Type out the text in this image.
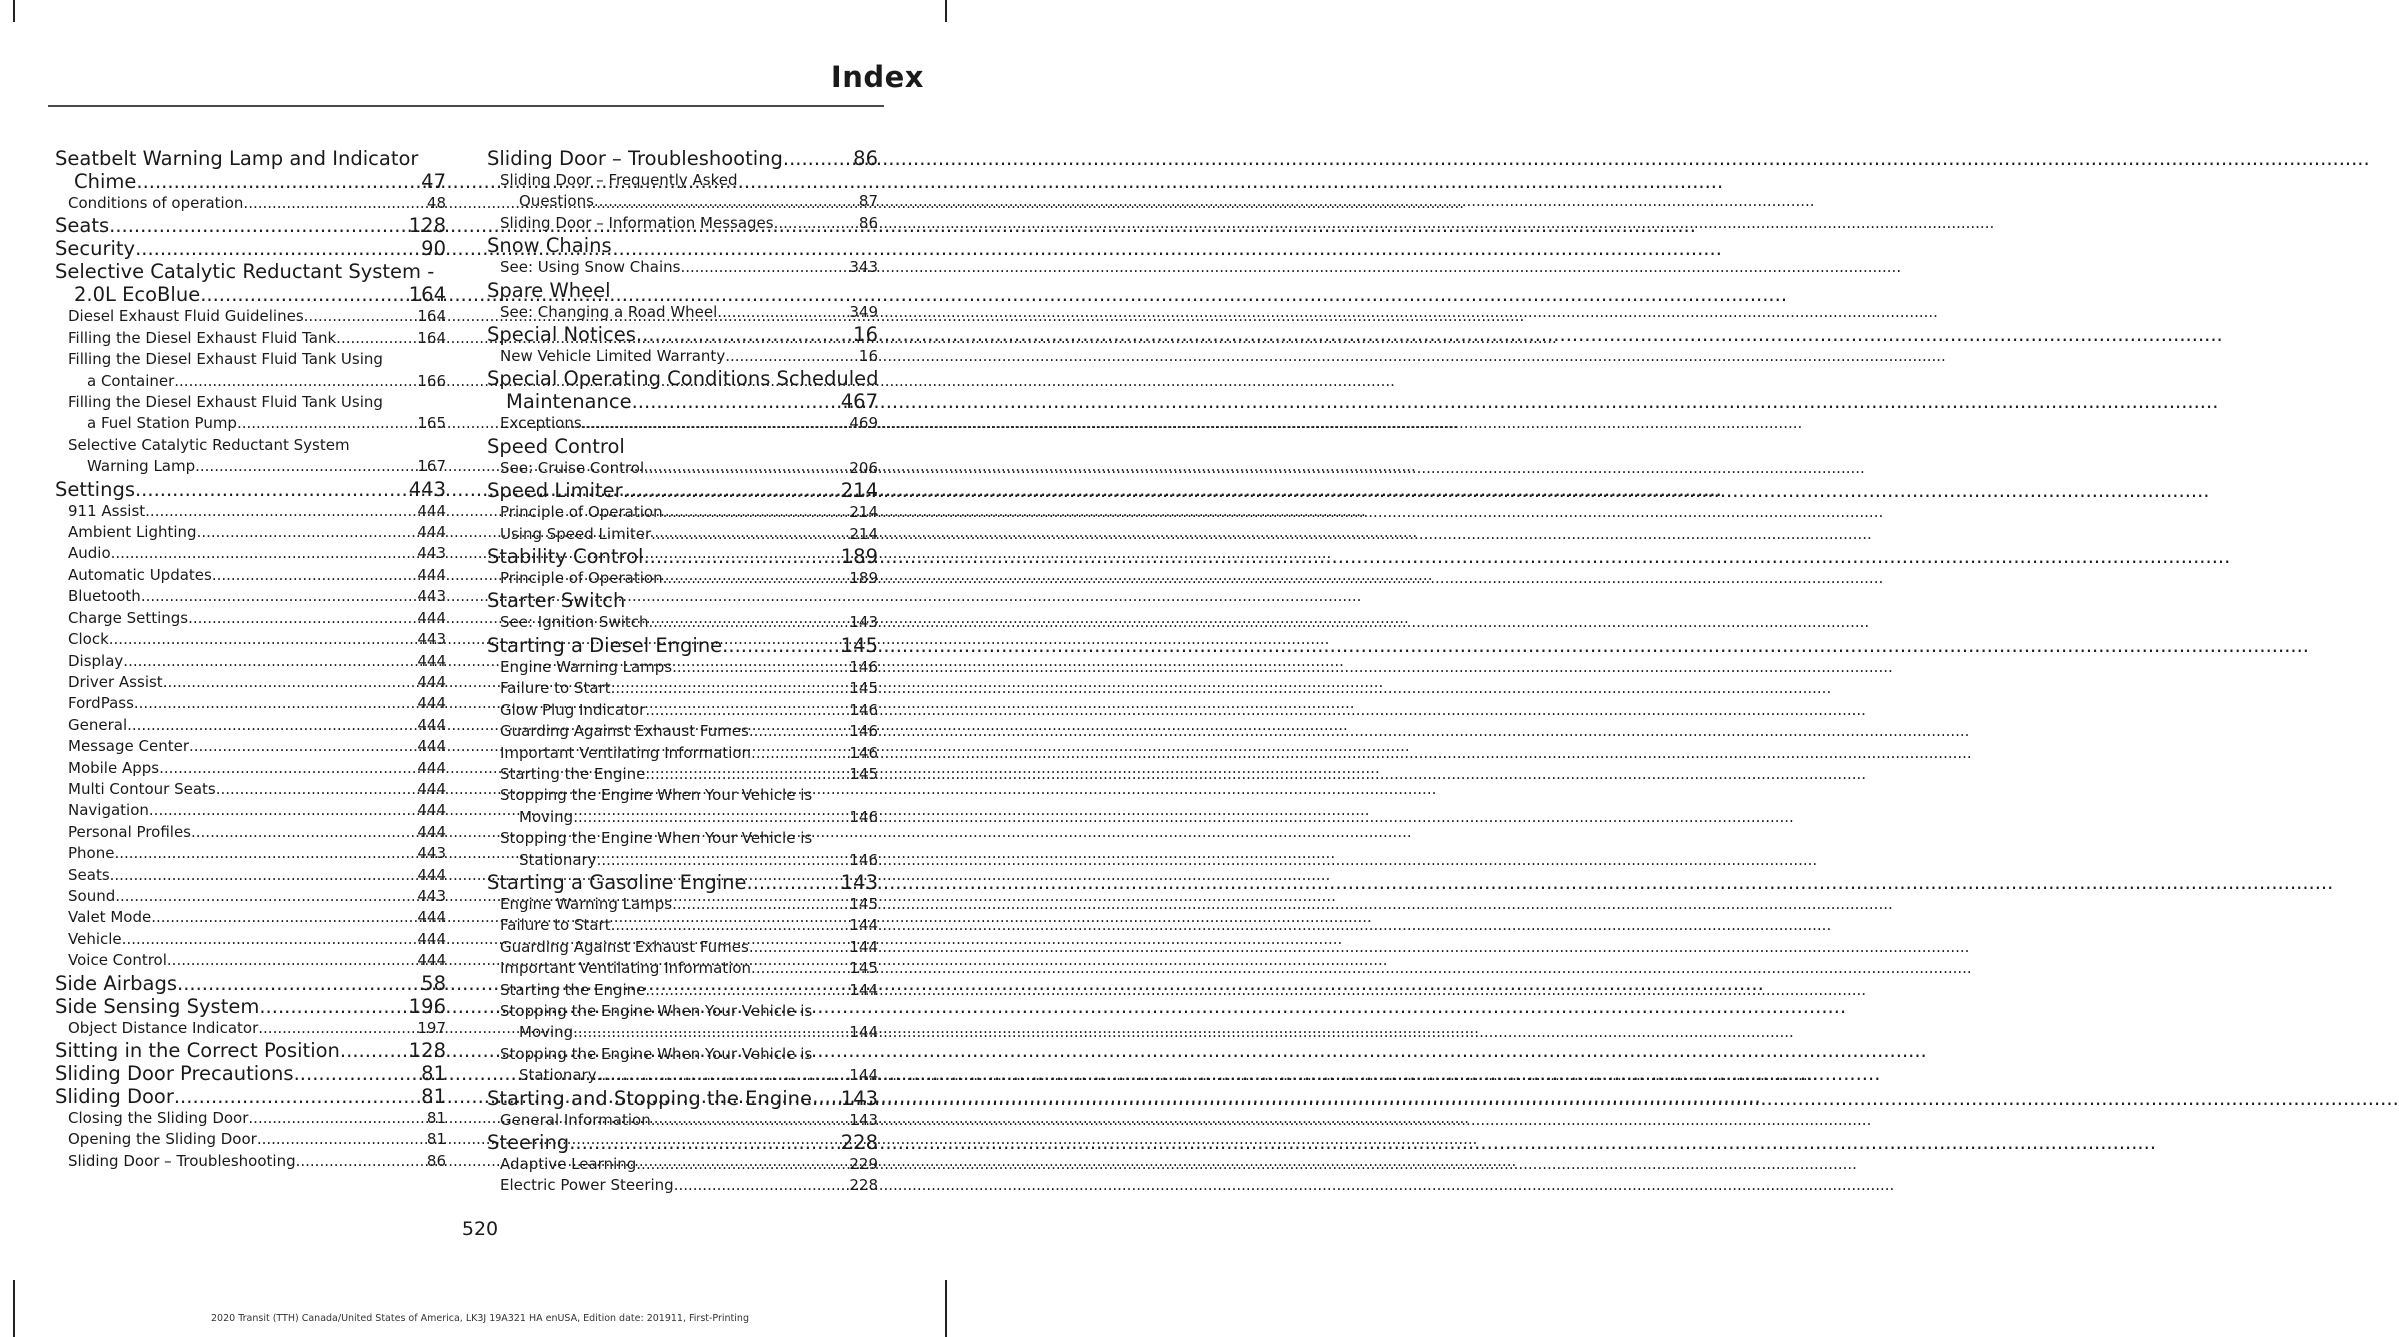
Index
Seatbelt Warning Lamp and Indicator
Chime .....	47
Conditions of operation .....	48
Seats .....	128
Security .....	90
Selective Catalytic Reductant System -
2.0L EcoBlue .....	164
Diesel Exhaust Fluid Guidelines .....	164
Filling the Diesel Exhaust Fluid Tank .....	164
Filling the Diesel Exhaust Fluid Tank Using
a Container .....	166
Filling the Diesel Exhaust Fluid Tank Using
a Fuel Station Pump .....	165
Selective Catalytic Reductant System
Warning Lamp .....	167
Settings .....	443
911 Assist .....	444
Ambient Lighting .....	444
Audio .....	443
Automatic Updates .....	444
Bluetooth .....	443
Charge Settings .....	444
Clock .....	443
Display .....	444
Driver Assist .....	444
FordPass .....	444
General .....	444
Message Center .....	444
Mobile Apps .....	444
Multi Contour Seats .....	444
Navigation .....	444
Personal Profiles .....	444
Phone .....	443
Seats .....	444
Sound .....	443
Valet Mode .....	444
Vehicle .....	444
Voice Control .....	444
Side Airbags .....	58
Side Sensing System .....	196
Object Distance Indicator .....	197
Sitting in the Correct Position .....	128
Sliding Door Precautions .....	81
Sliding Door .....	81
Closing the Sliding Door .....	81
Opening the Sliding Door .....	81
Sliding Door – Troubleshooting .....	86
Sliding Door – Troubleshooting .....	86
Sliding Door – Frequently Asked
Questions .....	87
Sliding Door – Information Messages .....	86
Snow Chains
See: Using Snow Chains .....	343
Spare Wheel
See: Changing a Road Wheel .....	349
Special Notices .....	16
New Vehicle Limited Warranty .....	16
Special Operating Conditions Scheduled
Maintenance .....	467
Exceptions .....	469
Speed Control
See: Cruise Control .....	206
Speed Limiter .....	214
Principle of Operation .....	214
Using Speed Limiter .....	214
Stability Control .....	189
Principle of Operation .....	189
Starter Switch
See: Ignition Switch .....	143
Starting a Diesel Engine .....	145
Engine Warning Lamps .....	146
Failure to Start .....	145
Glow Plug Indicator .....	146
Guarding Against Exhaust Fumes .....	146
Important Ventilating Information .....	146
Starting the Engine .....	145
Stopping the Engine When Your Vehicle is
Moving .....	146
Stopping the Engine When Your Vehicle is
Stationary .....	146
Starting a Gasoline Engine .....	143
Engine Warning Lamps .....	145
Failure to Start .....	144
Guarding Against Exhaust Fumes .....	144
Important Ventilating Information .....	145
Starting the Engine .....	144
Stopping the Engine When Your Vehicle is
Moving .....	144
Stopping the Engine When Your Vehicle is
Stationary .....	144
Starting and Stopping the Engine ..... 143
General Information .....	143
Steering .....	228
Adaptive Learning .....	229
Electric Power Steering .....	228
520
2020 Transit (TTH) Canada/United States of America, LK3J 19A321 HA enUSA, Edition date: 201911, First-Printing
